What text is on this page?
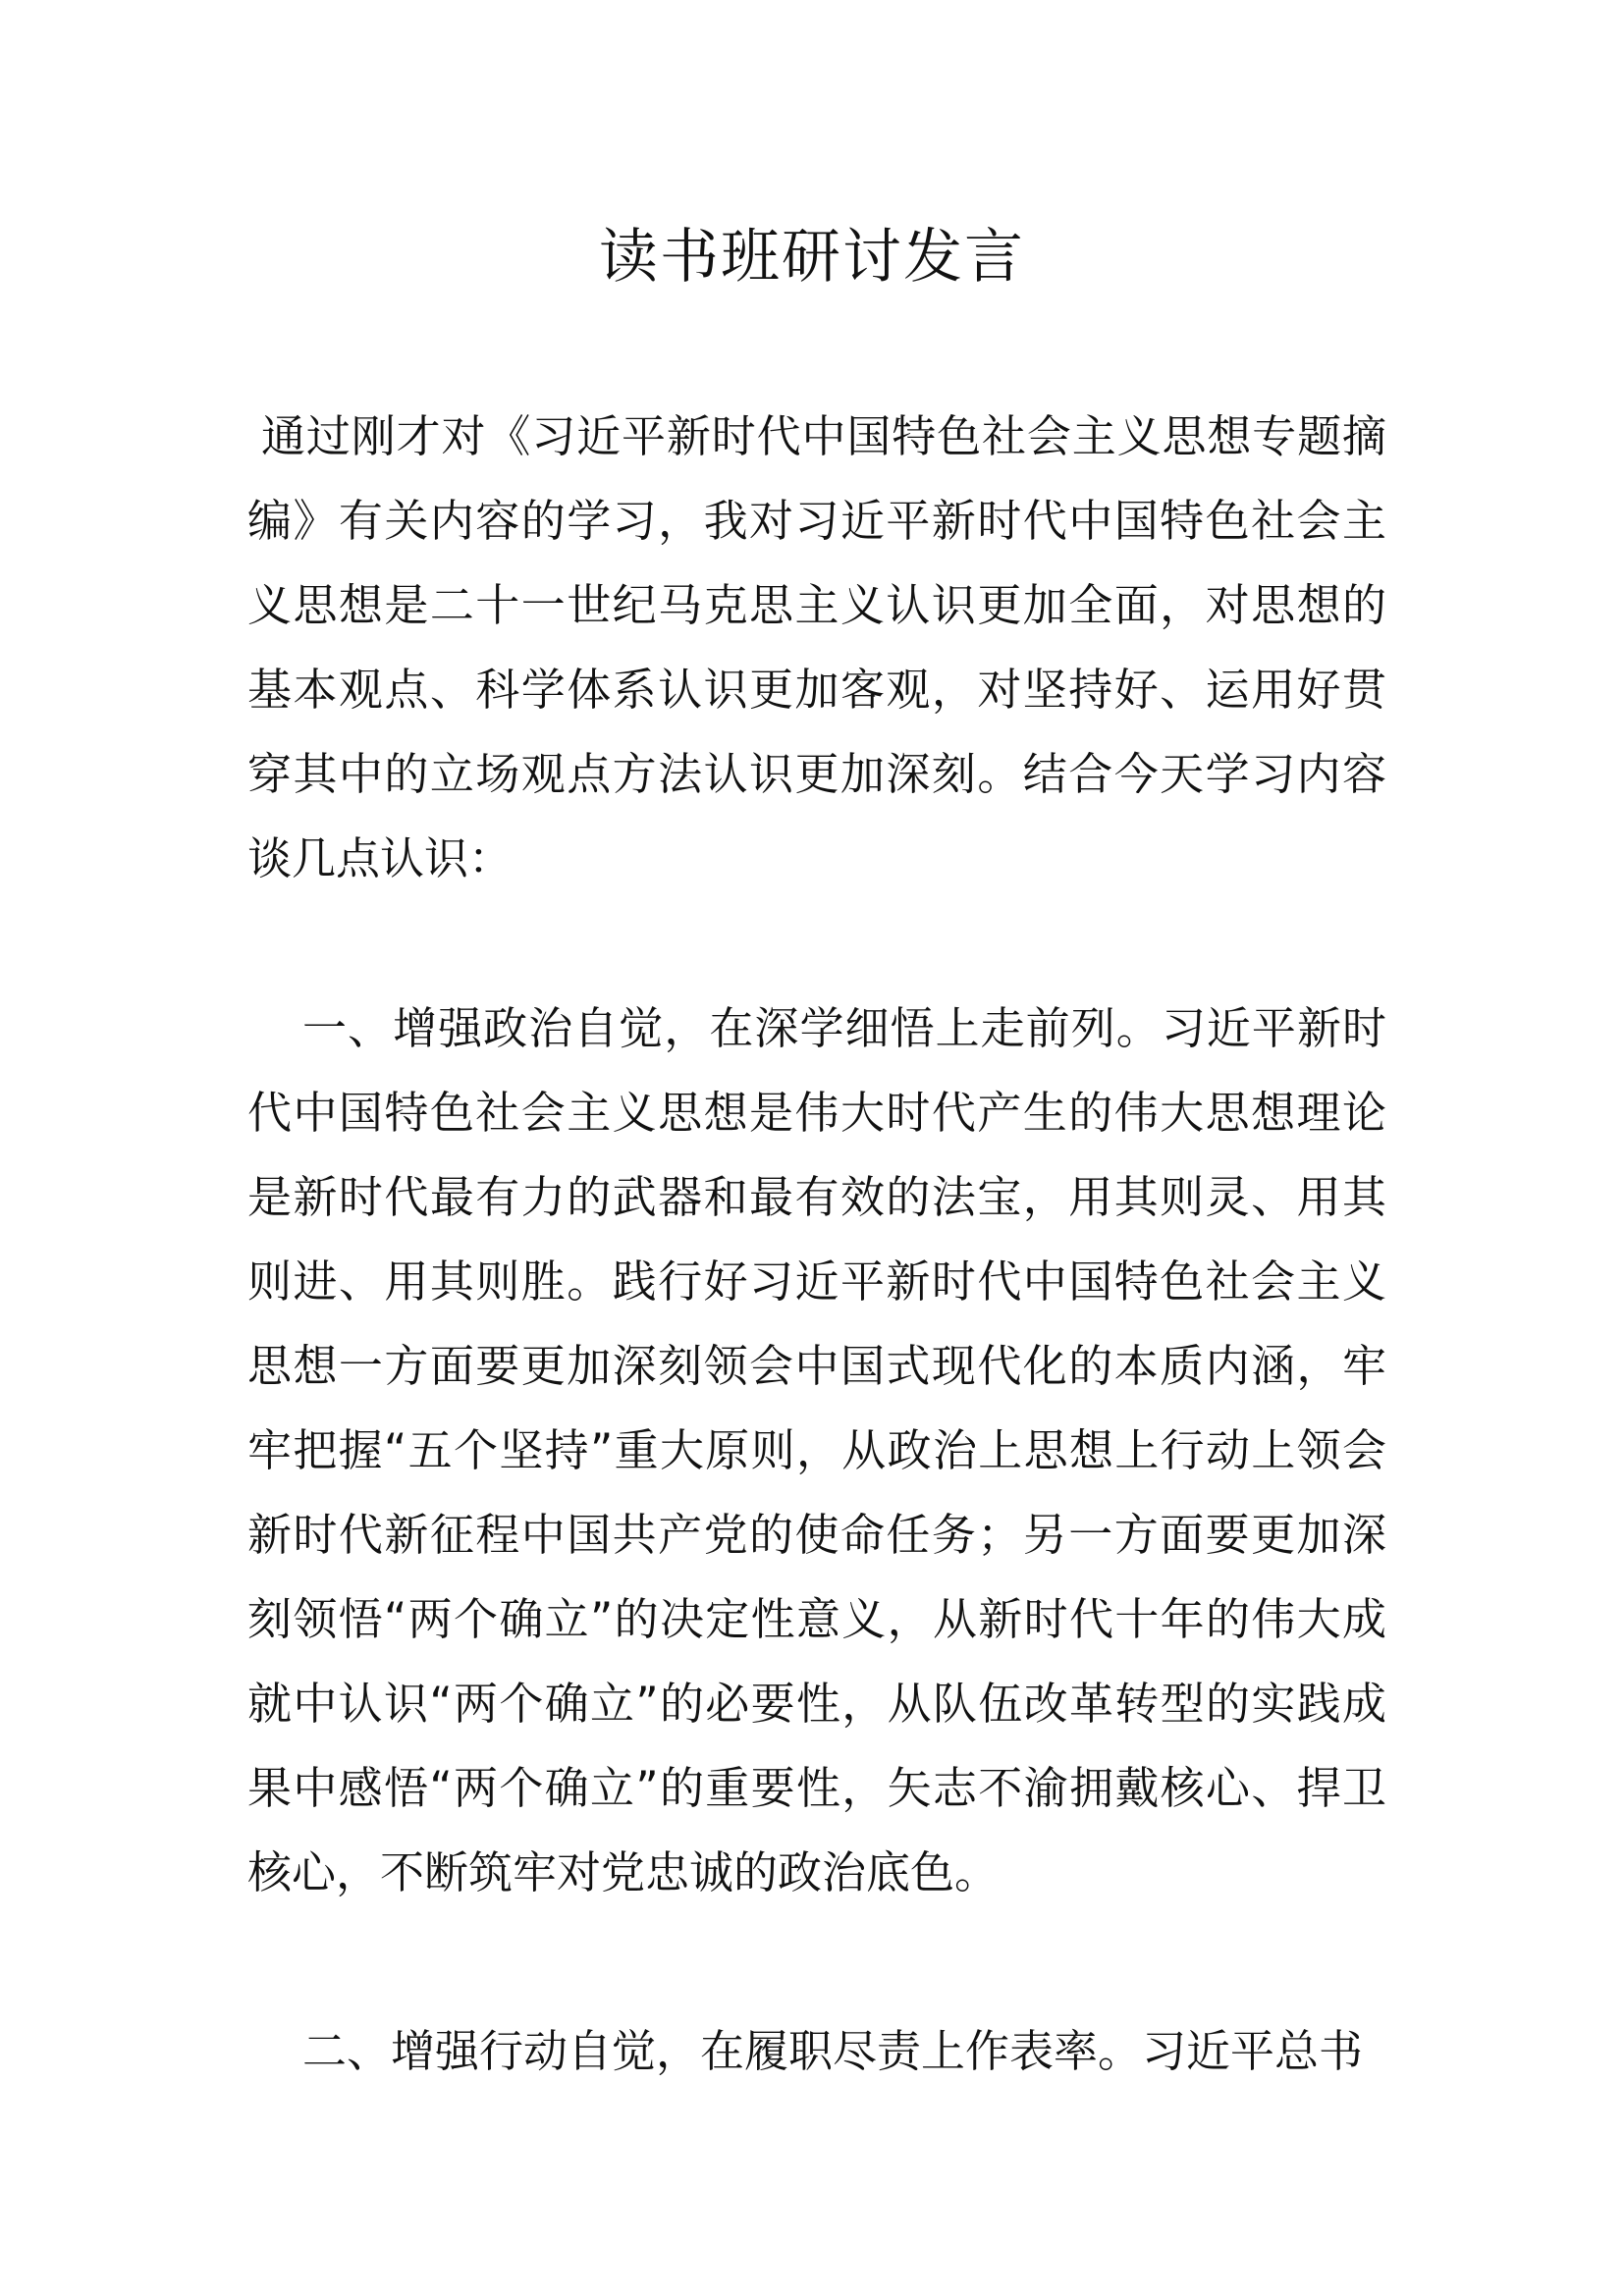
读书班研讨发言

通过刚才对《习近平新时代中国特色社会主义思想专题摘编》有关内容的学习，我对习近平新时代中国特色社会主义思想是二十一世纪马克思主义认识更加全面，对思想的基本观点、科学体系认识更加客观，对坚持好、运用好贯穿其中的立场观点方法认识更加深刻。结合今天学习内容谈几点认识：

一、增强政治自觉，在深学细悟上走前列。习近平新时代中国特色社会主义思想是伟大时代产生的伟大思想理论是新时代最有力的武器和最有效的法宝，用其则灵、用其则进、用其则胜。践行好习近平新时代中国特色社会主义思想一方面要更加深刻领会中国式现代化的本质内涵，牢牢把握“五个坚持”重大原则，从政治上思想上行动上领会新时代新征程中国共产党的使命任务；另一方面要更加深刻领悟“两个确立”的决定性意义，从新时代十年的伟大成就中认识“两个确立”的必要性，从队伍改革转型的实践成果中感悟“两个确立”的重要性，矢志不渝拥戴核心、捍卫核心，不断筑牢对党忠诚的政治底色。

二、增强行动自觉，在履职尽责上作表率。习近平总书
